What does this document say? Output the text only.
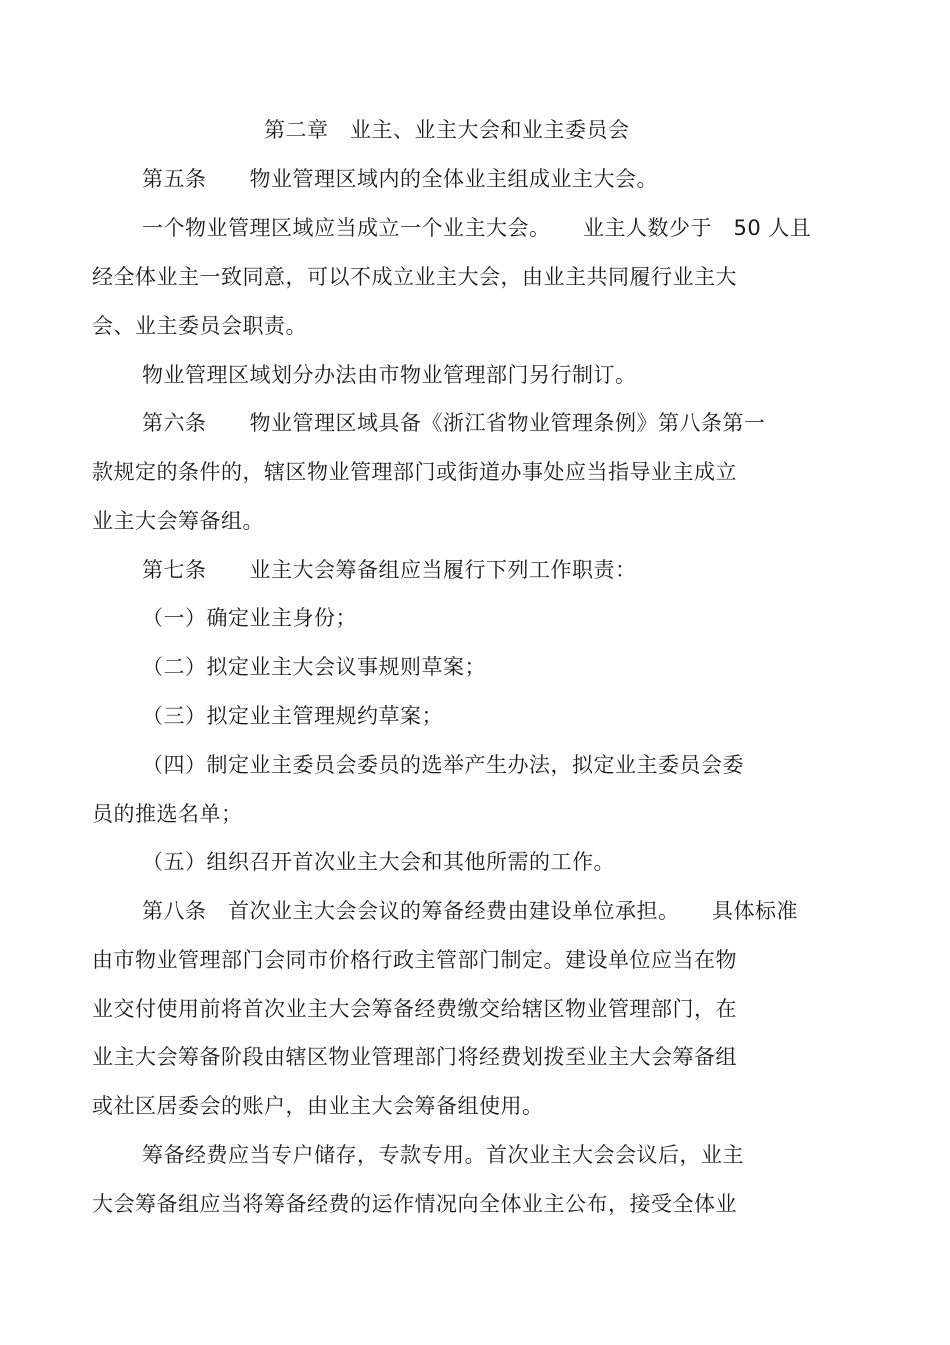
第二章　业主、业主大会和业主委员会
第五条　　物业管理区域内的全体业主组成业主大会。
一个物业管理区域应当成立一个业主大会。　　业主人数少于　50 人且
经全体业主一致同意，可以不成立业主大会，由业主共同履行业主大
会、业主委员会职责。
物业管理区域划分办法由市物业管理部门另行制订。
第六条　　物业管理区域具备《浙江省物业管理条例》第八条第一
款规定的条件的，辖区物业管理部门或街道办事处应当指导业主成立
业主大会筹备组。
第七条　　业主大会筹备组应当履行下列工作职责：
（一）确定业主身份；
（二）拟定业主大会议事规则草案；
（三）拟定业主管理规约草案；
（四）制定业主委员会委员的选举产生办法，拟定业主委员会委
员的推选名单；
（五）组织召开首次业主大会和其他所需的工作。
第八条　首次业主大会会议的筹备经费由建设单位承担。　　具体标准
由市物业管理部门会同市价格行政主管部门制定。建设单位应当在物
业交付使用前将首次业主大会筹备经费缴交给辖区物业管理部门，在
业主大会筹备阶段由辖区物业管理部门将经费划拨至业主大会筹备组
或社区居委会的账户，由业主大会筹备组使用。
筹备经费应当专户储存，专款专用。首次业主大会会议后，业主
大会筹备组应当将筹备经费的运作情况向全体业主公布，接受全体业
